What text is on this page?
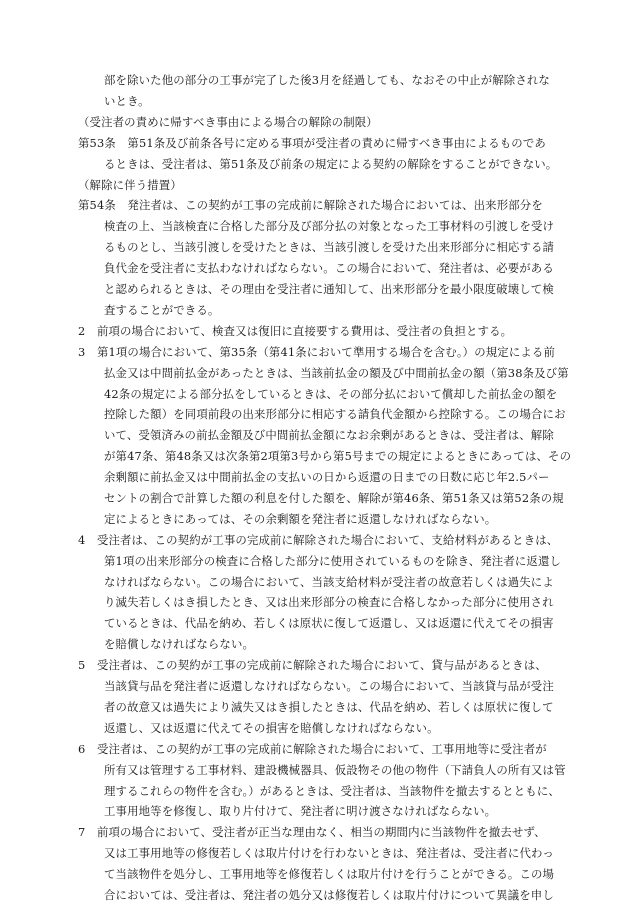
部を除いた他の部分の工事が完了した後3月を経過しても、なおその中止が解除されな
いとき。
（受注者の責めに帰すべき事由による場合の解除の制限）
第53条　第51条及び前条各号に定める事項が受注者の責めに帰すべき事由によるものであ
るときは、受注者は、第51条及び前条の規定による契約の解除をすることができない。
（解除に伴う措置）
第54条　発注者は、この契約が工事の完成前に解除された場合においては、出来形部分を
検査の上、当該検査に合格した部分及び部分払の対象となった工事材料の引渡しを受け
るものとし、当該引渡しを受けたときは、当該引渡しを受けた出来形部分に相応する請
負代金を受注者に支払わなければならない。この場合において、発注者は、必要がある
と認められるときは、その理由を受注者に通知して、出来形部分を最小限度破壊して検
査することができる。
2　前項の場合において、検査又は復旧に直接要する費用は、受注者の負担とする。
3　第1項の場合において、第35条（第41条において準用する場合を含む。）の規定による前
払金又は中間前払金があったときは、当該前払金の額及び中間前払金の額（第38条及び第
42条の規定による部分払をしているときは、その部分払において償却した前払金の額を
控除した額）を同項前段の出来形部分に相応する請負代金額から控除する。この場合にお
いて、受領済みの前払金額及び中間前払金額になお余剰があるときは、受注者は、解除
が第47条、第48条又は次条第2項第3号から第5号までの規定によるときにあっては、その
余剰額に前払金又は中間前払金の支払いの日から返還の日までの日数に応じ年2.5パー
セントの割合で計算した額の利息を付した額を、解除が第46条、第51条又は第52条の規
定によるときにあっては、その余剰額を発注者に返還しなければならない。
4　受注者は、この契約が工事の完成前に解除された場合において、支給材料があるときは、
第1項の出来形部分の検査に合格した部分に使用されているものを除き、発注者に返還し
なければならない。この場合において、当該支給材料が受注者の故意若しくは過失によ
り滅失若しくはき損したとき、又は出来形部分の検査に合格しなかった部分に使用され
ているときは、代品を納め、若しくは原状に復して返還し、又は返還に代えてその損害
を賠償しなければならない。
5　受注者は、この契約が工事の完成前に解除された場合において、貸与品があるときは、
当該貸与品を発注者に返還しなければならない。この場合において、当該貸与品が受注
者の故意又は過失により滅失又はき損したときは、代品を納め、若しくは原状に復して
返還し、又は返還に代えてその損害を賠償しなければならない。
6　受注者は、この契約が工事の完成前に解除された場合において、工事用地等に受注者が
所有又は管理する工事材料、建設機械器具、仮設物その他の物件（下請負人の所有又は管
理するこれらの物件を含む。）があるときは、受注者は、当該物件を撤去するとともに、
工事用地等を修復し、取り片付けて、発注者に明け渡さなければならない。
7　前項の場合において、受注者が正当な理由なく、相当の期間内に当該物件を撤去せず、
又は工事用地等の修復若しくは取片付けを行わないときは、発注者は、受注者に代わっ
て当該物件を処分し、工事用地等を修復若しくは取片付けを行うことができる。この場
合においては、受注者は、発注者の処分又は修復若しくは取片付けについて異議を申し
